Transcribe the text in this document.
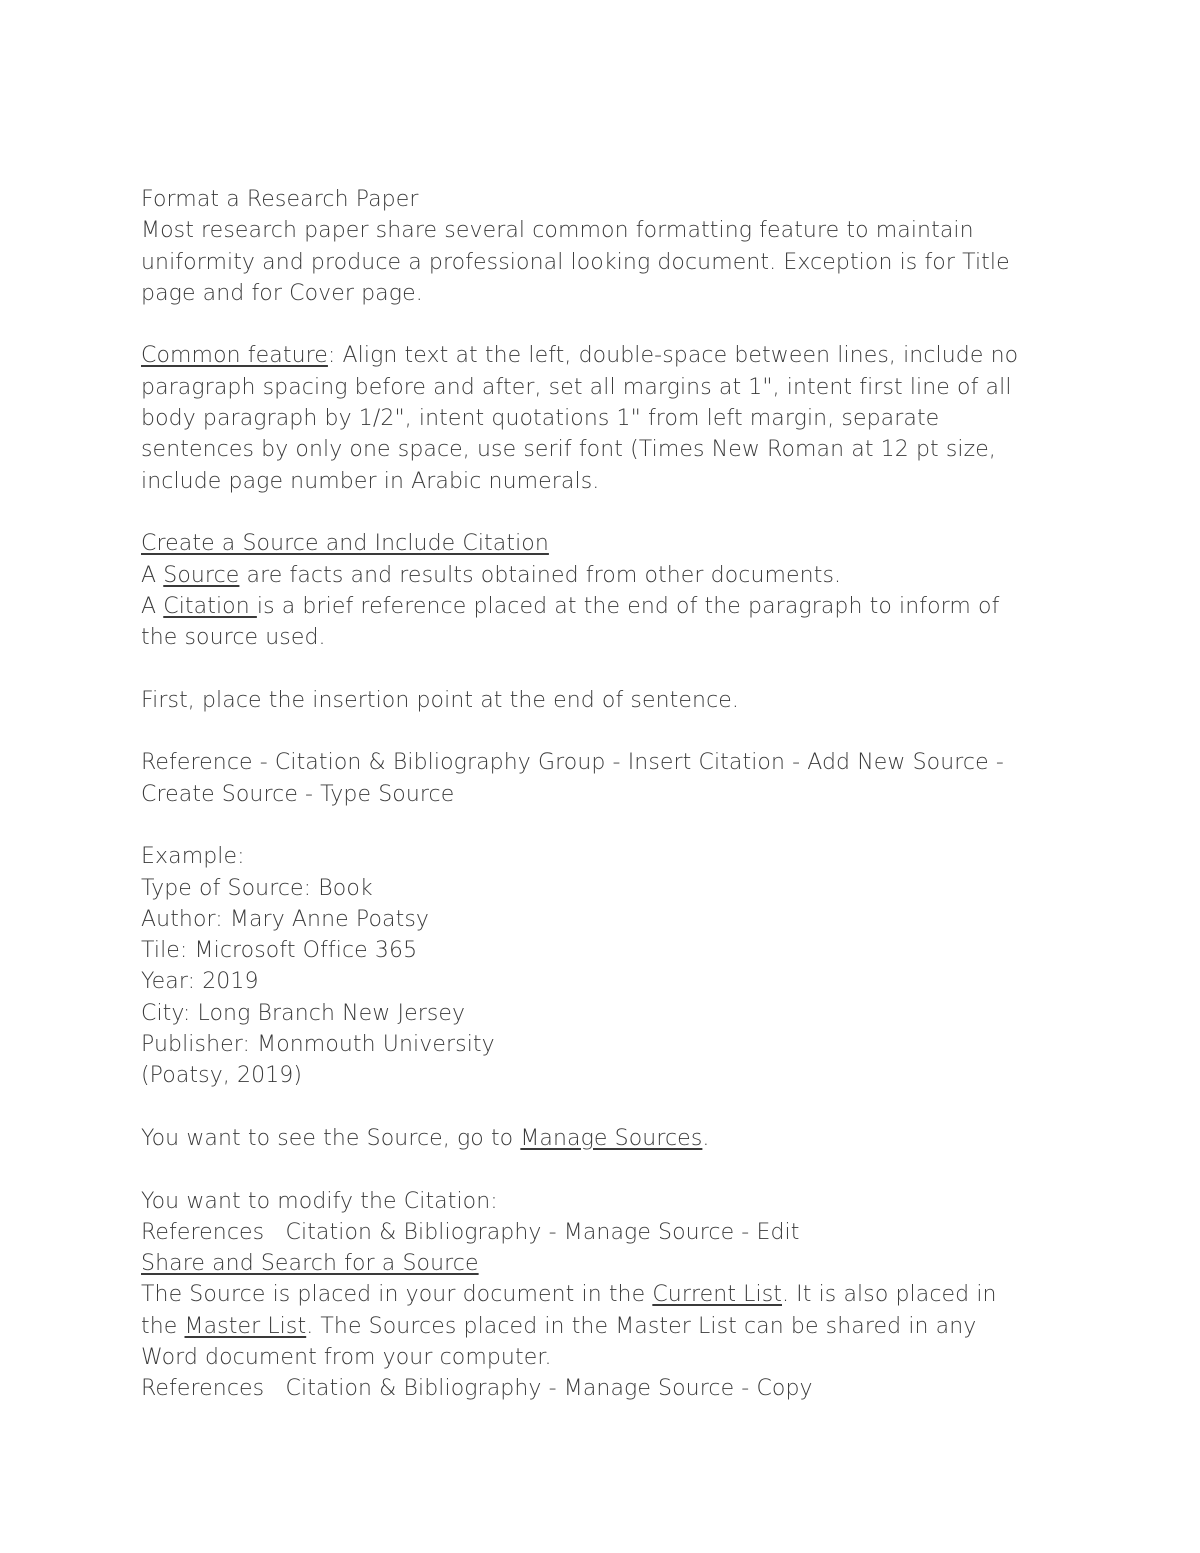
Format a Research Paper
Most research paper share several common formatting feature to maintain
uniformity and produce a professional looking document. Exception is for Title
page and for Cover page.
Common feature: Align text at the left, double-space between lines, include no
paragraph spacing before and after, set all margins at 1", intent first line of all
body paragraph by 1/2", intent quotations 1" from left margin, separate
sentences by only one space, use serif font (Times New Roman at 12 pt size,
include page number in Arabic numerals.
Create a Source and Include Citation
A Source are facts and results obtained from other documents.
A Citation is a brief reference placed at the end of the paragraph to inform of
the source used.
First, place the insertion point at the end of sentence.
Reference - Citation & Bibliography Group - Insert Citation - Add New Source -
Create Source - Type Source
Example:
Type of Source: Book
Author: Mary Anne Poatsy
Tile: Microsoft Office 365
Year: 2019
City: Long Branch New Jersey
Publisher: Monmouth University
(Poatsy, 2019)
You want to see the Source, go to Manage Sources.
You want to modify the Citation:
References   Citation & Bibliography - Manage Source - Edit
Share and Search for a Source
The Source is placed in your document in the Current List. It is also placed in
the Master List. The Sources placed in the Master List can be shared in any
Word document from your computer.
References   Citation & Bibliography - Manage Source - Copy
